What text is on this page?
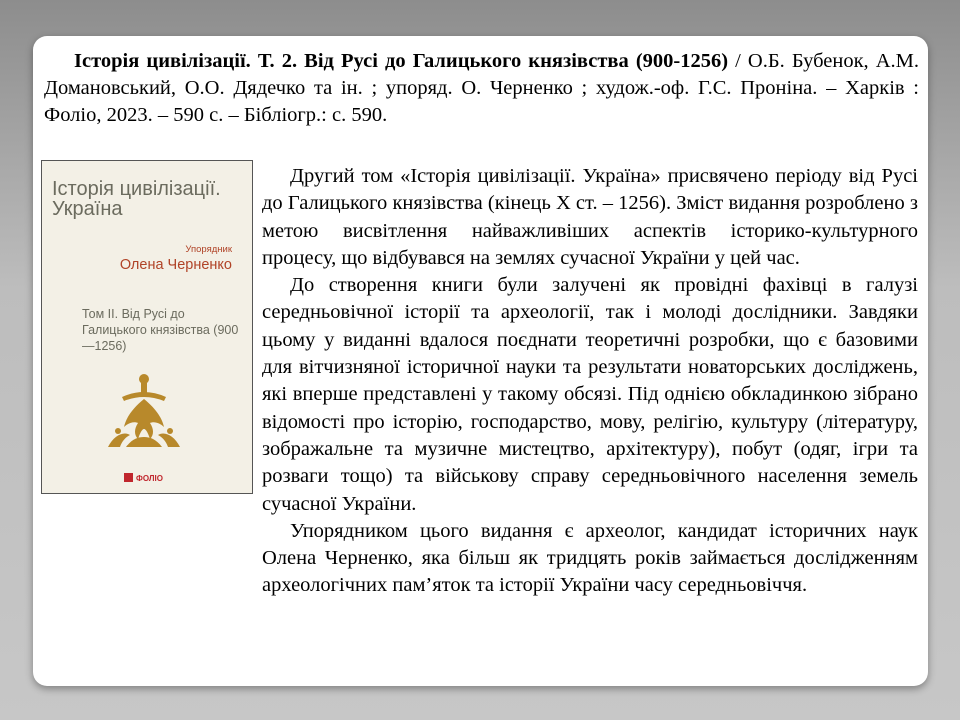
Історія цивілізації. Т. 2. Від Русі до Галицького князівства (900-1256) / О.Б. Бубенок, А.М. Домановський, О.О. Дядечко та ін. ; упоряд. О. Черненко ; худож.-оф. Г.С. Проніна. – Харків : Фоліо, 2023. – 590 с. – Бібліогр.: с. 590.
Історія цивілізації. Україна
Упорядник
Олена Черненко
Том II. Від Русі до Галицького князівства (900—1256)
ФОЛІО

Другий том «Історія цивілізації. Україна» присвячено періоду від Русі до Галицького князівства (кінець Х ст. – 1256). Зміст видання розроблено з метою висвітлення найважливіших аспектів історико-культурного процесу, що відбувався на землях сучасної України у цей час.

До створення книги були залучені як провідні фахівці в галузі середньовічної історії та археології, так і молоді дослідники. Завдяки цьому у виданні вдалося поєднати теоретичні розробки, що є базовими для вітчизняної історичної науки та результати новаторських досліджень, які вперше представлені у такому обсязі. Під однією обкладинкою зібрано відомості про історію, господарство, мову, релігію, культуру (літературу, зображальне та музичне мистецтво, архітектуру), побут (одяг, ігри та розваги тощо) та військову справу середньовічного населення земель сучасної України.

Упорядником цього видання є археолог, кандидат історичних наук Олена Черненко, яка більш як тридцять років займається дослідженням археологічних пам’яток та історії України часу середньовіччя.
